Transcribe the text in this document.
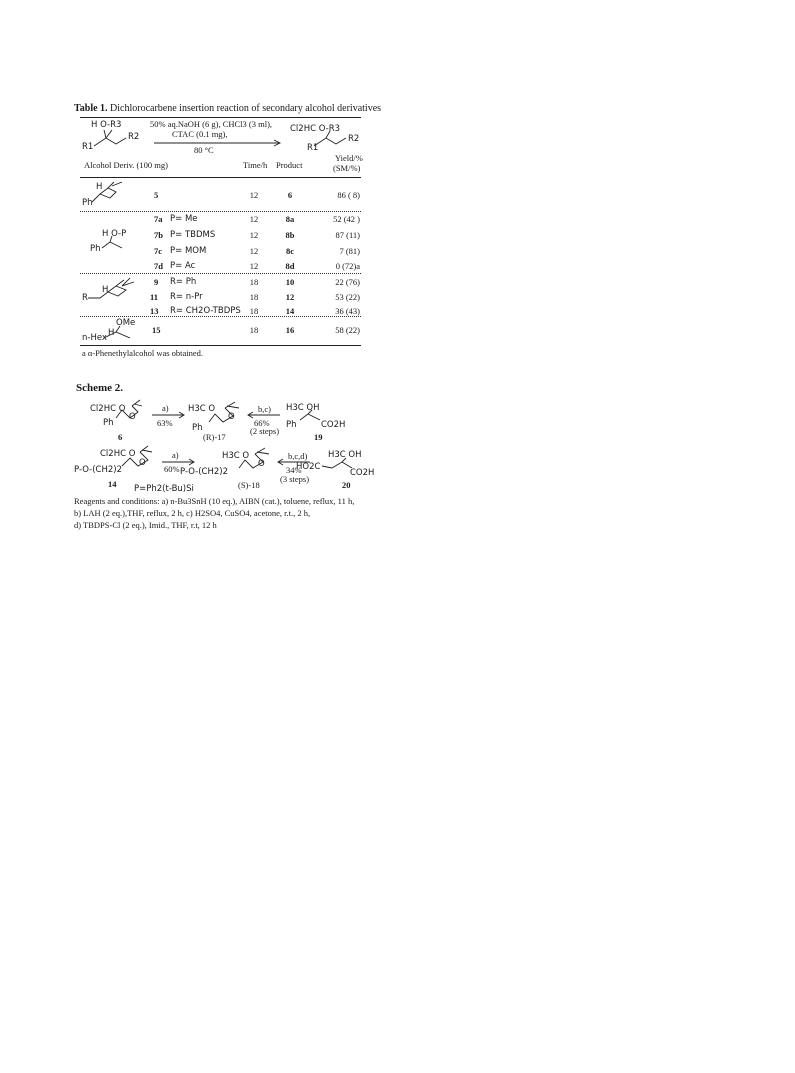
Table 1. Dichlorocarbene insertion reaction of secondary alcohol derivatives
H O-R3
R2
R1
50% aq.NaOH (6 g), CHCl3 (3 ml),
CTAC (0.1 mg),
80 °C
Cl2HC O-R3
R2
R1
Alcohol Deriv. (100 mg)	Time/h Product
Yield/%
(SM/%)
H
Ph
5	12	6	86 ( 8)
H O-P
Ph
7a P= Me	12	8a	52 (42 )
7b P= TBDMS	12	8b	87 (11)
7c P= MOM	12	8c	7 (81)
7d P= Ac	12	8d	0 (72)a
H
R
9 R= Ph	18	10	22 (76)
11 R= n-Pr	18	12	53 (22)
13 R= CH2O-TBDPS	18	14	36 (43)
OMe
H
n-Hex
15	18	16	58 (22)
a α-Phenethylalcohol was obtained.
Scheme 2.
Cl2HC O
O
Ph
6
a)
63%
H3C O
O
Ph
(R)-17
b,c)
66%
(2 steps)
H3C OH
Ph	CO2H
19
Cl2HC O
O
P-O-(CH2)2
14
a)
60%
H3C O
O
P-O-(CH2)2
(S)-18
b,c,d)
34%
(3 steps)
H3C OH
HO2C
CO2H
20
P=Ph2(t-Bu)Si
Reagents and conditions: a) n-Bu3SnH (10 eq.), AIBN (cat.), toluene, reflux, 11 h,
b) LAH (2 eq.),THF, reflux, 2 h, c) H2SO4, CuSO4, acetone, r.t., 2 h,
d) TBDPS-Cl (2 eq.), Imid., THF, r.t, 12 h
